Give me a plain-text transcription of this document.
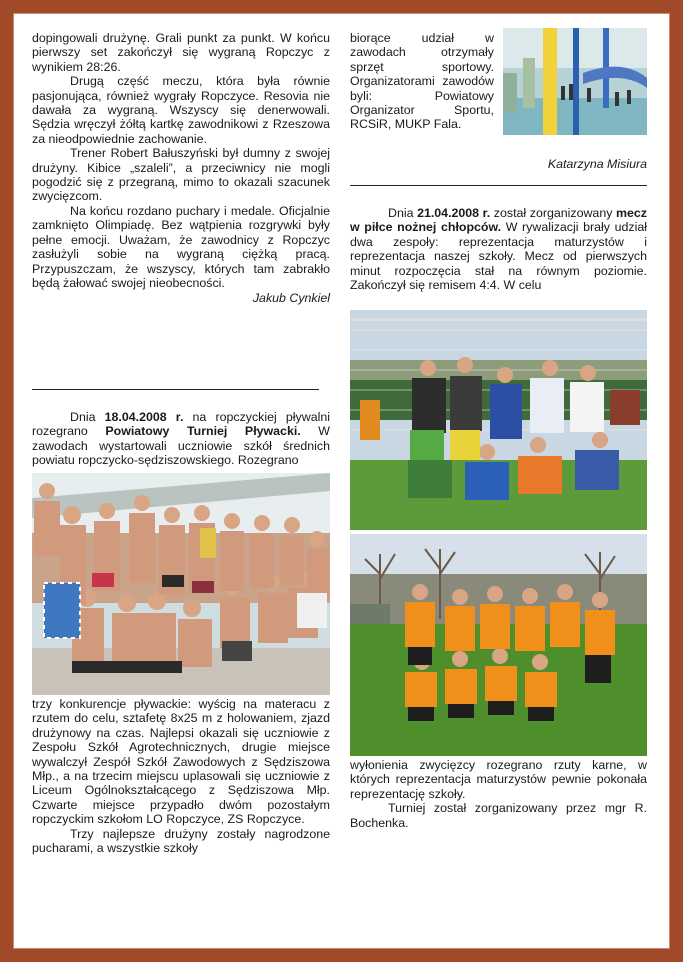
dopingowali drużynę. Grali punkt za punkt. W końcu pierwszy set zakończył się wygraną Ropczyc z wynikiem 28:26.

Drugą część meczu, która była równie pasjonująca, również wygrały Ropczyce. Resovia nie dawała za wygraną. Wszyscy się denerwowali. Sędzia wręczył żółtą kartkę zawodnikowi z Rzeszowa za nieodpowiednie zachowanie.

Trener Robert Bałuszyński był dumny z swojej drużyny. Kibice „szaleli”, a przeciwnicy nie mogli pogodzić się z przegraną, mimo to okazali szacunek zwycięzcom.

Na końcu rozdano puchary i medale. Oficjalnie zamknięto Olimpiadę. Bez wątpienia rozgrywki były pełne emocji. Uważam, że zawodnicy z Ropczyc zasłużyli sobie na wygraną ciężką pracą. Przypuszczam, że wszyscy, których tam zabrakło będą żałować swojej nieobecności.

Jakub Cynkiel

Dnia 18.04.2008 r. na ropczyckiej pływalni rozegrano Powiatowy Turniej Pływacki. W zawodach wystartowali uczniowie szkół średnich powiatu ropczycko-sędziszowskiego. Rozegrano

trzy konkurencje pływackie: wyścig na materacu z rzutem do celu, sztafetę 8x25 m z holowaniem, zjazd drużynowy na czas. Najlepsi okazali się uczniowie z Zespołu Szkół Agrotechnicznych, drugie miejsce wywalczył Zespół Szkół Zawodowych z Sędziszowa Młp., a na trzecim miejscu uplasowali się uczniowie z Liceum Ogólnokształcącego z Sędziszowa Młp. Czwarte miejsce przypadło dwóm pozostałym ropczyckim szkołom LO Ropczyce, ZS Ropczyce.

Trzy najlepsze drużyny zostały nagrodzone pucharami, a wszystkie szkoły

biorące udział w zawodach otrzymały sprzęt sportowy. Organizatorami zawodów byli: Powiatowy Organizator Sportu, RCSiR, MUKP Fala.

Katarzyna Misiura

Dnia 21.04.2008 r. został zorganizowany mecz w piłce nożnej chłopców. W rywalizacji brały udział dwa zespoły: reprezentacja maturzystów i reprezentacja naszej szkoły. Mecz od pierwszych minut rozpoczęcia stał na równym poziomie. Zakończył się remisem 4:4. W celu

wyłonienia zwycięzcy rozegrano rzuty karne, w których reprezentacja maturzystów pewnie pokonała reprezentację szkoły.

Turniej został zorganizowany przez mgr R. Bochenka.
